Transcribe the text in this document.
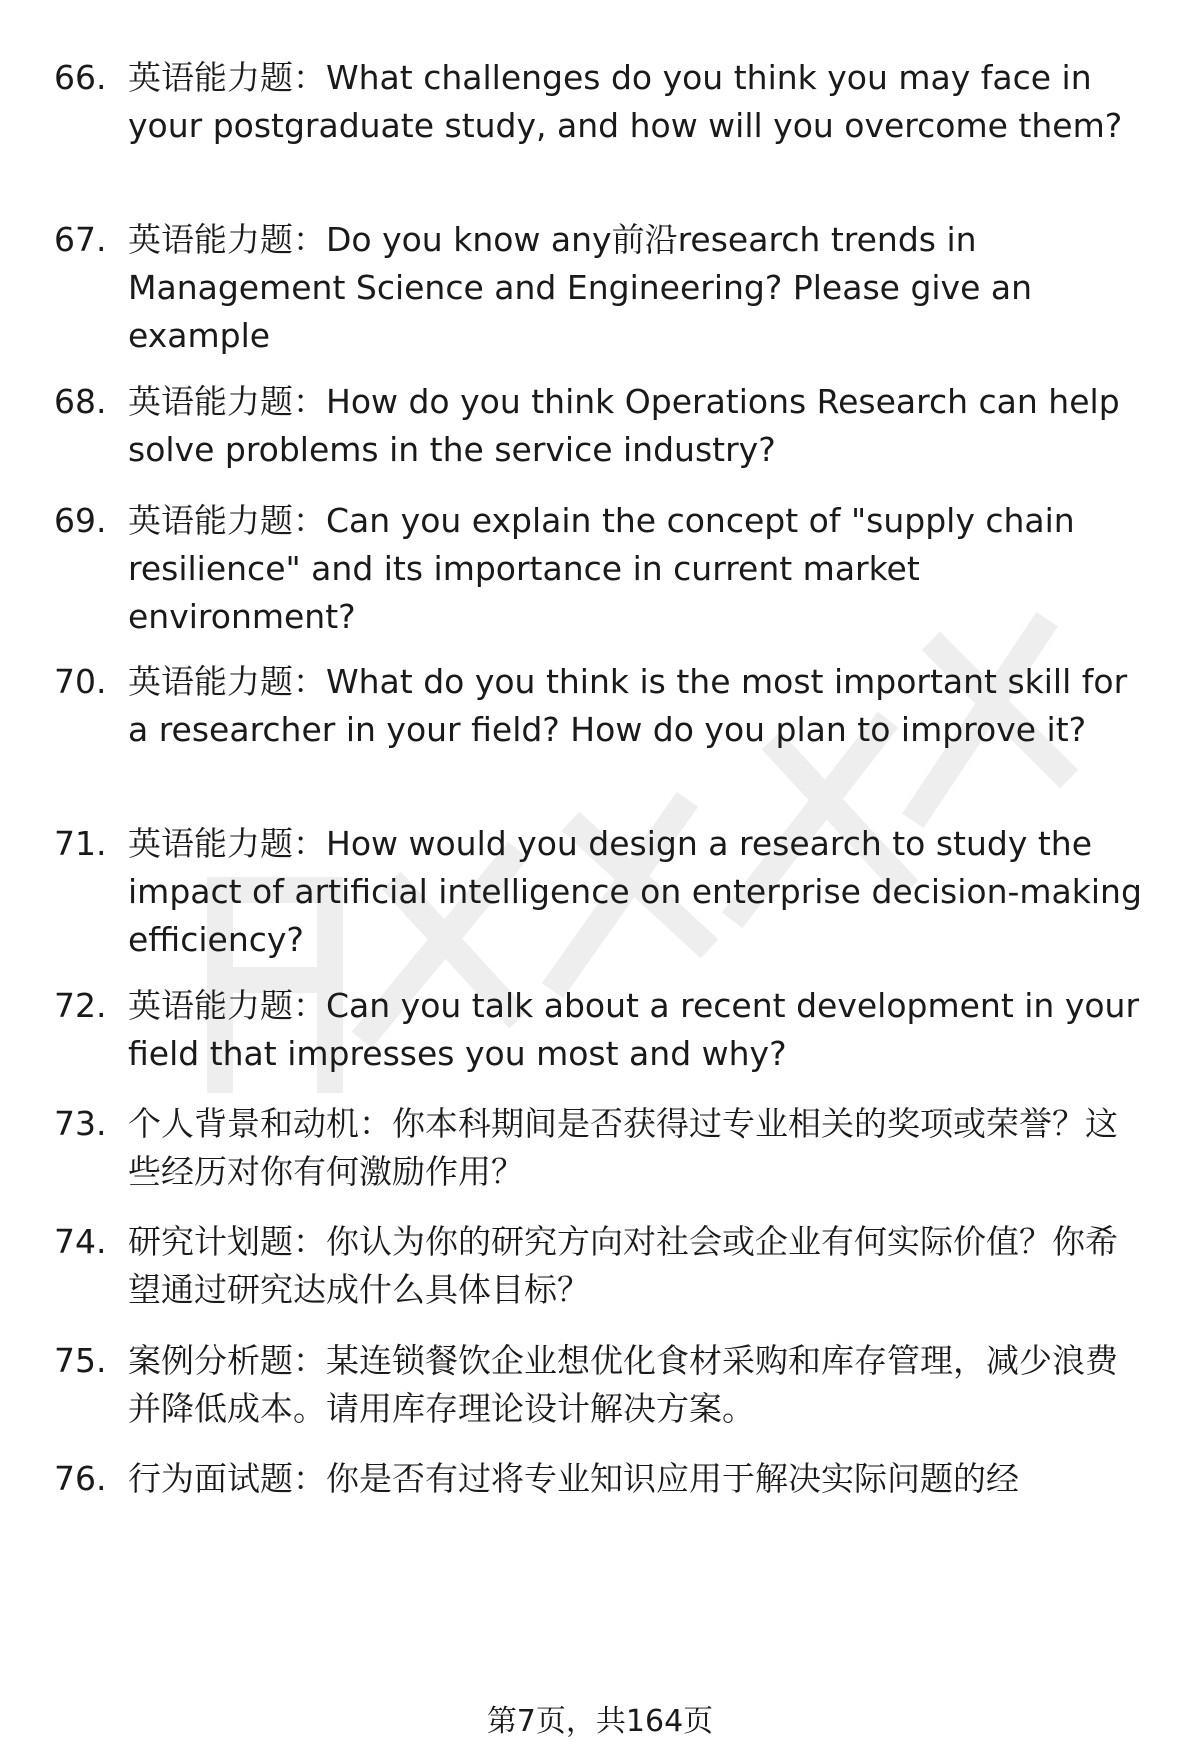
66. 英语能力题：What challenges do you think you may face in your postgraduate study, and how will you overcome them?
67. 英语能力题：Do you know any前沿research trends in Management Science and Engineering? Please give an example
68. 英语能力题：How do you think Operations Research can help solve problems in the service industry?
69. 英语能力题：Can you explain the concept of "supply chain resilience" and its importance in current market environment?
70. 英语能力题：What do you think is the most important skill for a researcher in your field? How do you plan to improve it?
71. 英语能力题：How would you design a research to study the impact of artificial intelligence on enterprise decision-making efficiency?
72. 英语能力题：Can you talk about a recent development in your field that impresses you most and why?
73. 个人背景和动机：你本科期间是否获得过专业相关的奖项或荣誉？这些经历对你有何激励作用？
74. 研究计划题：你认为你的研究方向对社会或企业有何实际价值？你希望通过研究达成什么具体目标？
75. 案例分析题：某连锁餐饮企业想优化食材采购和库存管理，减少浪费并降低成本。请用库存理论设计解决方案。
76. 行为面试题：你是否有过将专业知识应用于解决实际问题的经
第7页，共164页
